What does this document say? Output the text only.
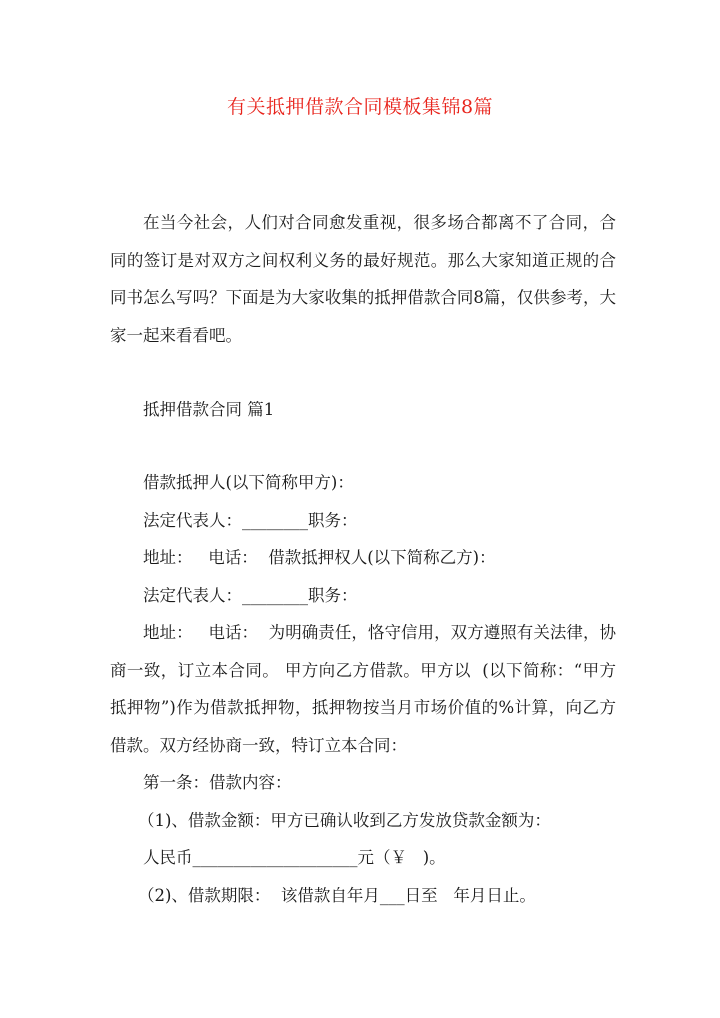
有关抵押借款合同模板集锦8篇

在当今社会，人们对合同愈发重视，很多场合都离不了合同，合同的签订是对双方之间权利义务的最好规范。那么大家知道正规的合同书怎么写吗？下面是为大家收集的抵押借款合同8篇，仅供参考，大家一起来看看吧。

抵押借款合同 篇1

借款抵押人(以下简称甲方)：

法定代表人：________职务：

地址：   电话：  借款抵押权人(以下简称乙方)：

法定代表人：________职务：

地址：   电话：  为明确责任，恪守信用，双方遵照有关法律，协商一致，订立本合同。 甲方向乙方借款。甲方以  (以下简称：“甲方抵押物”)作为借款抵押物，抵押物按当月市场价值的%计算，向乙方借款。双方经协商一致，特订立本合同：

第一条：借款内容：

（1)、借款金额：甲方已确认收到乙方发放贷款金额为：

人民币____________________元（￥   )。

（2)、借款期限：  该借款自年月___日至   年月日止。
